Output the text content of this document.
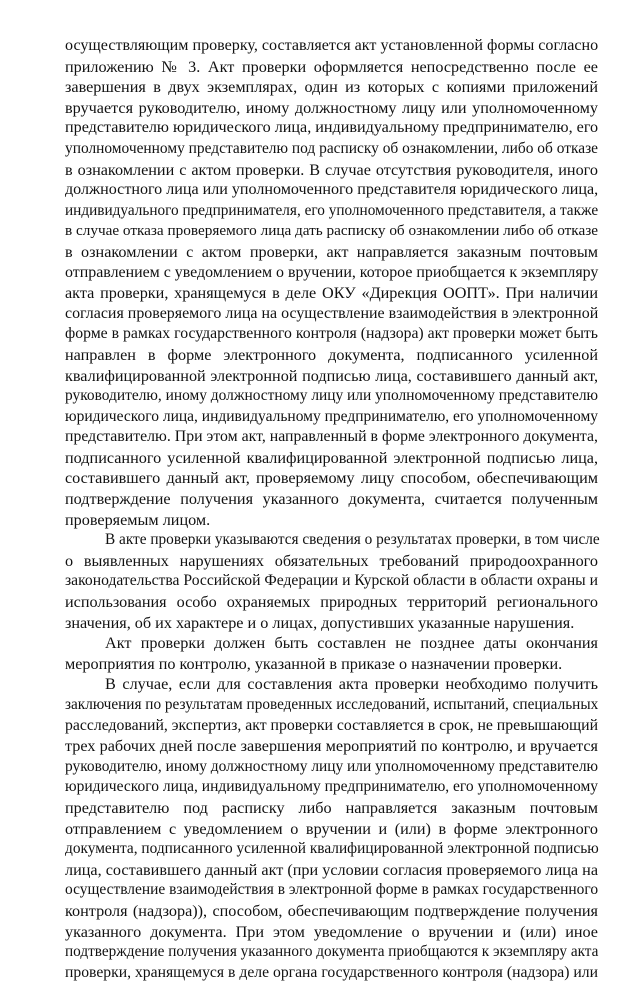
осуществляющим проверку, составляется акт установленной формы согласно
приложению № 3. Акт проверки оформляется непосредственно после ее
завершения в двух экземплярах, один из которых с копиями приложений
вручается руководителю, иному должностному лицу или уполномоченному
представителю юридического лица, индивидуальному предпринимателю, его
уполномоченному представителю под расписку об ознакомлении, либо об отказе
в ознакомлении с актом проверки. В случае отсутствия руководителя, иного
должностного лица или уполномоченного представителя юридического лица,
индивидуального предпринимателя, его уполномоченного представителя, а также
в случае отказа проверяемого лица дать расписку об ознакомлении либо об отказе
в ознакомлении с актом проверки, акт направляется заказным почтовым
отправлением с уведомлением о вручении, которое приобщается к экземпляру
акта проверки, хранящемуся в деле ОКУ «Дирекция ООПТ». При наличии
согласия проверяемого лица на осуществление взаимодействия в электронной
форме в рамках государственного контроля (надзора) акт проверки может быть
направлен в форме электронного документа, подписанного усиленной
квалифицированной электронной подписью лица, составившего данный акт,
руководителю, иному должностному лицу или уполномоченному представителю
юридического лица, индивидуальному предпринимателю, его уполномоченному
представителю. При этом акт, направленный в форме электронного документа,
подписанного усиленной квалифицированной электронной подписью лица,
составившего данный акт, проверяемому лицу способом, обеспечивающим
подтверждение получения указанного документа, считается полученным
проверяемым лицом.
В акте проверки указываются сведения о результатах проверки, в том числе
о выявленных нарушениях обязательных требований природоохранного
законодательства Российской Федерации и Курской области в области охраны и
использования особо охраняемых природных территорий регионального
значения, об их характере и о лицах, допустивших указанные нарушения.
Акт проверки должен быть составлен не позднее даты окончания
мероприятия по контролю, указанной в приказе о назначении проверки.
В случае, если для составления акта проверки необходимо получить
заключения по результатам проведенных исследований, испытаний, специальных
расследований, экспертиз, акт проверки составляется в срок, не превышающий
трех рабочих дней после завершения мероприятий по контролю, и вручается
руководителю, иному должностному лицу или уполномоченному представителю
юридического лица, индивидуальному предпринимателю, его уполномоченному
представителю под расписку либо направляется заказным почтовым
отправлением с уведомлением о вручении и (или) в форме электронного
документа, подписанного усиленной квалифицированной электронной подписью
лица, составившего данный акт (при условии согласия проверяемого лица на
осуществление взаимодействия в электронной форме в рамках государственного
контроля (надзора)), способом, обеспечивающим подтверждение получения
указанного документа. При этом уведомление о вручении и (или) иное
подтверждение получения указанного документа приобщаются к экземпляру акта
проверки, хранящемуся в деле органа государственного контроля (надзора) или
